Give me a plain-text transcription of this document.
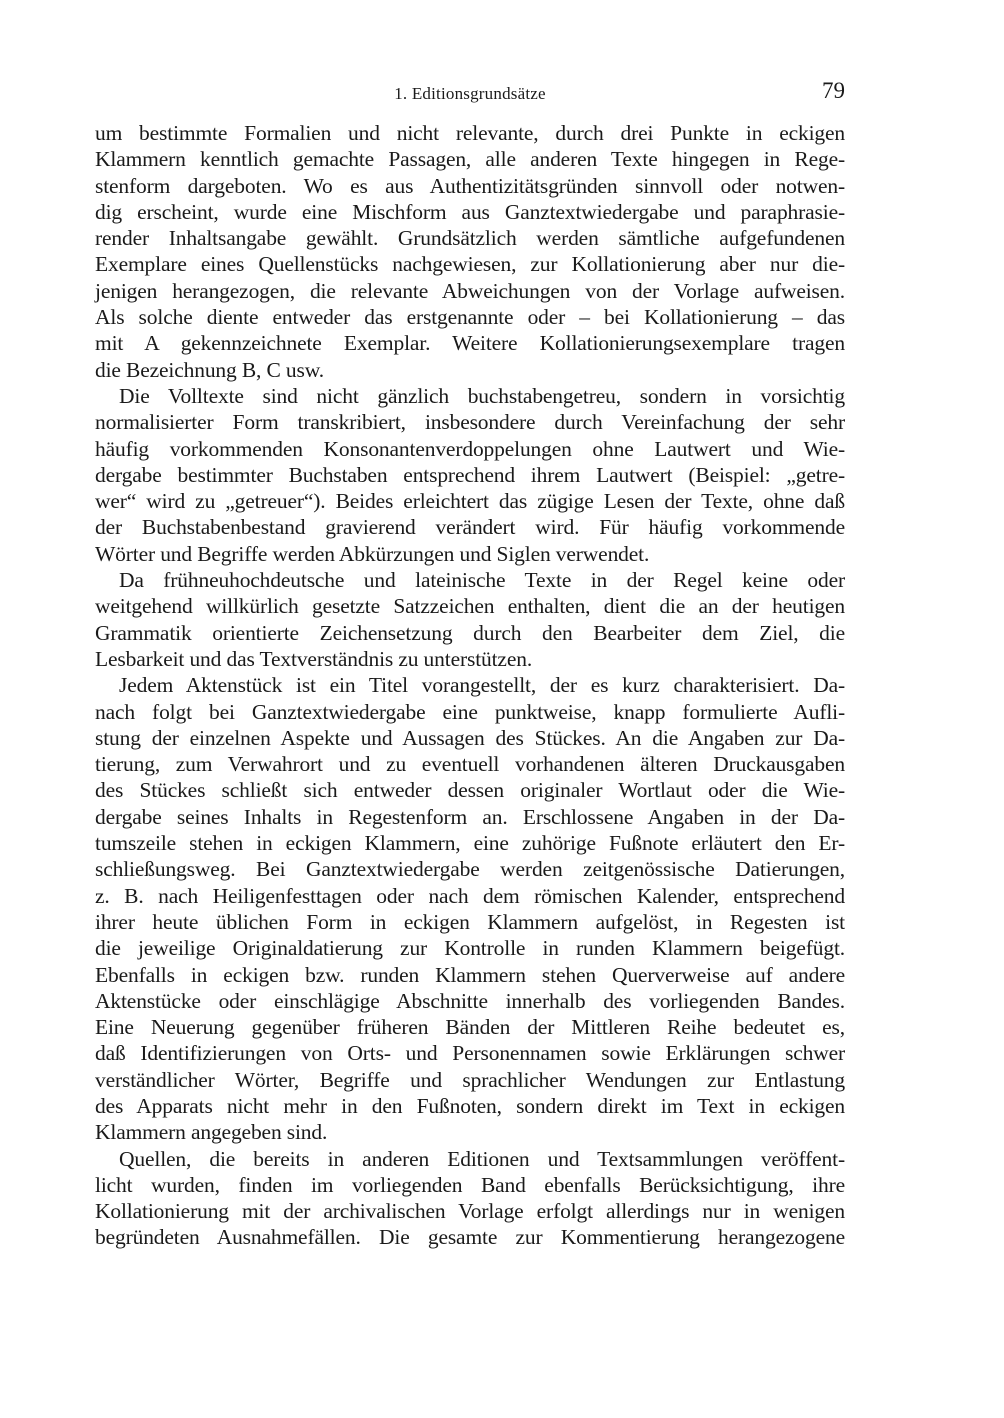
1. Editionsgrundsätze	79
um bestimmte Formalien und nicht relevante, durch drei Punkte in eckigen
Klammern kenntlich gemachte Passagen, alle anderen Texte hingegen in Rege-
stenform dargeboten. Wo es aus Authentizitätsgründen sinnvoll oder notwen-
dig erscheint, wurde eine Mischform aus Ganztextwiedergabe und paraphrasie-
render Inhaltsangabe gewählt. Grundsätzlich werden sämtliche aufgefundenen
Exemplare eines Quellenstücks nachgewiesen, zur Kollationierung aber nur die-
jenigen herangezogen, die relevante Abweichungen von der Vorlage aufweisen.
Als solche diente entweder das erstgenannte oder – bei Kollationierung – das
mit A gekennzeichnete Exemplar. Weitere Kollationierungsexemplare tragen
die Bezeichnung B, C usw.
Die Volltexte sind nicht gänzlich buchstabengetreu, sondern in vorsichtig
normalisierter Form transkribiert, insbesondere durch Vereinfachung der sehr
häufig vorkommenden Konsonantenverdoppelungen ohne Lautwert und Wie-
dergabe bestimmter Buchstaben entsprechend ihrem Lautwert (Beispiel: „getre-
wer“ wird zu „getreuer“). Beides erleichtert das zügige Lesen der Texte, ohne daß
der Buchstabenbestand gravierend verändert wird. Für häufig vorkommende
Wörter und Begriffe werden Abkürzungen und Siglen verwendet.
Da frühneuhochdeutsche und lateinische Texte in der Regel keine oder
weitgehend willkürlich gesetzte Satzzeichen enthalten, dient die an der heutigen
Grammatik orientierte Zeichensetzung durch den Bearbeiter dem Ziel, die
Lesbarkeit und das Textverständnis zu unterstützen.
Jedem Aktenstück ist ein Titel vorangestellt, der es kurz charakterisiert. Da-
nach folgt bei Ganztextwiedergabe eine punktweise, knapp formulierte Aufli-
stung der einzelnen Aspekte und Aussagen des Stückes. An die Angaben zur Da-
tierung, zum Verwahrort und zu eventuell vorhandenen älteren Druckausgaben
des Stückes schließt sich entweder dessen originaler Wortlaut oder die Wie-
dergabe seines Inhalts in Regestenform an. Erschlossene Angaben in der Da-
tumszeile stehen in eckigen Klammern, eine zuhörige Fußnote erläutert den Er-
schließungsweg. Bei Ganztextwiedergabe werden zeitgenössische Datierungen,
z. B. nach Heiligenfesttagen oder nach dem römischen Kalender, entsprechend
ihrer heute üblichen Form in eckigen Klammern aufgelöst, in Regesten ist
die jeweilige Originaldatierung zur Kontrolle in runden Klammern beigefügt.
Ebenfalls in eckigen bzw. runden Klammern stehen Querverweise auf andere
Aktenstücke oder einschlägige Abschnitte innerhalb des vorliegenden Bandes.
Eine Neuerung gegenüber früheren Bänden der Mittleren Reihe bedeutet es,
daß Identifizierungen von Orts- und Personennamen sowie Erklärungen schwer
verständlicher Wörter, Begriffe und sprachlicher Wendungen zur Entlastung
des Apparats nicht mehr in den Fußnoten, sondern direkt im Text in eckigen
Klammern angegeben sind.
Quellen, die bereits in anderen Editionen und Textsammlungen veröffent-
licht wurden, finden im vorliegenden Band ebenfalls Berücksichtigung, ihre
Kollationierung mit der archivalischen Vorlage erfolgt allerdings nur in wenigen
begründeten Ausnahmefällen. Die gesamte zur Kommentierung herangezogene
